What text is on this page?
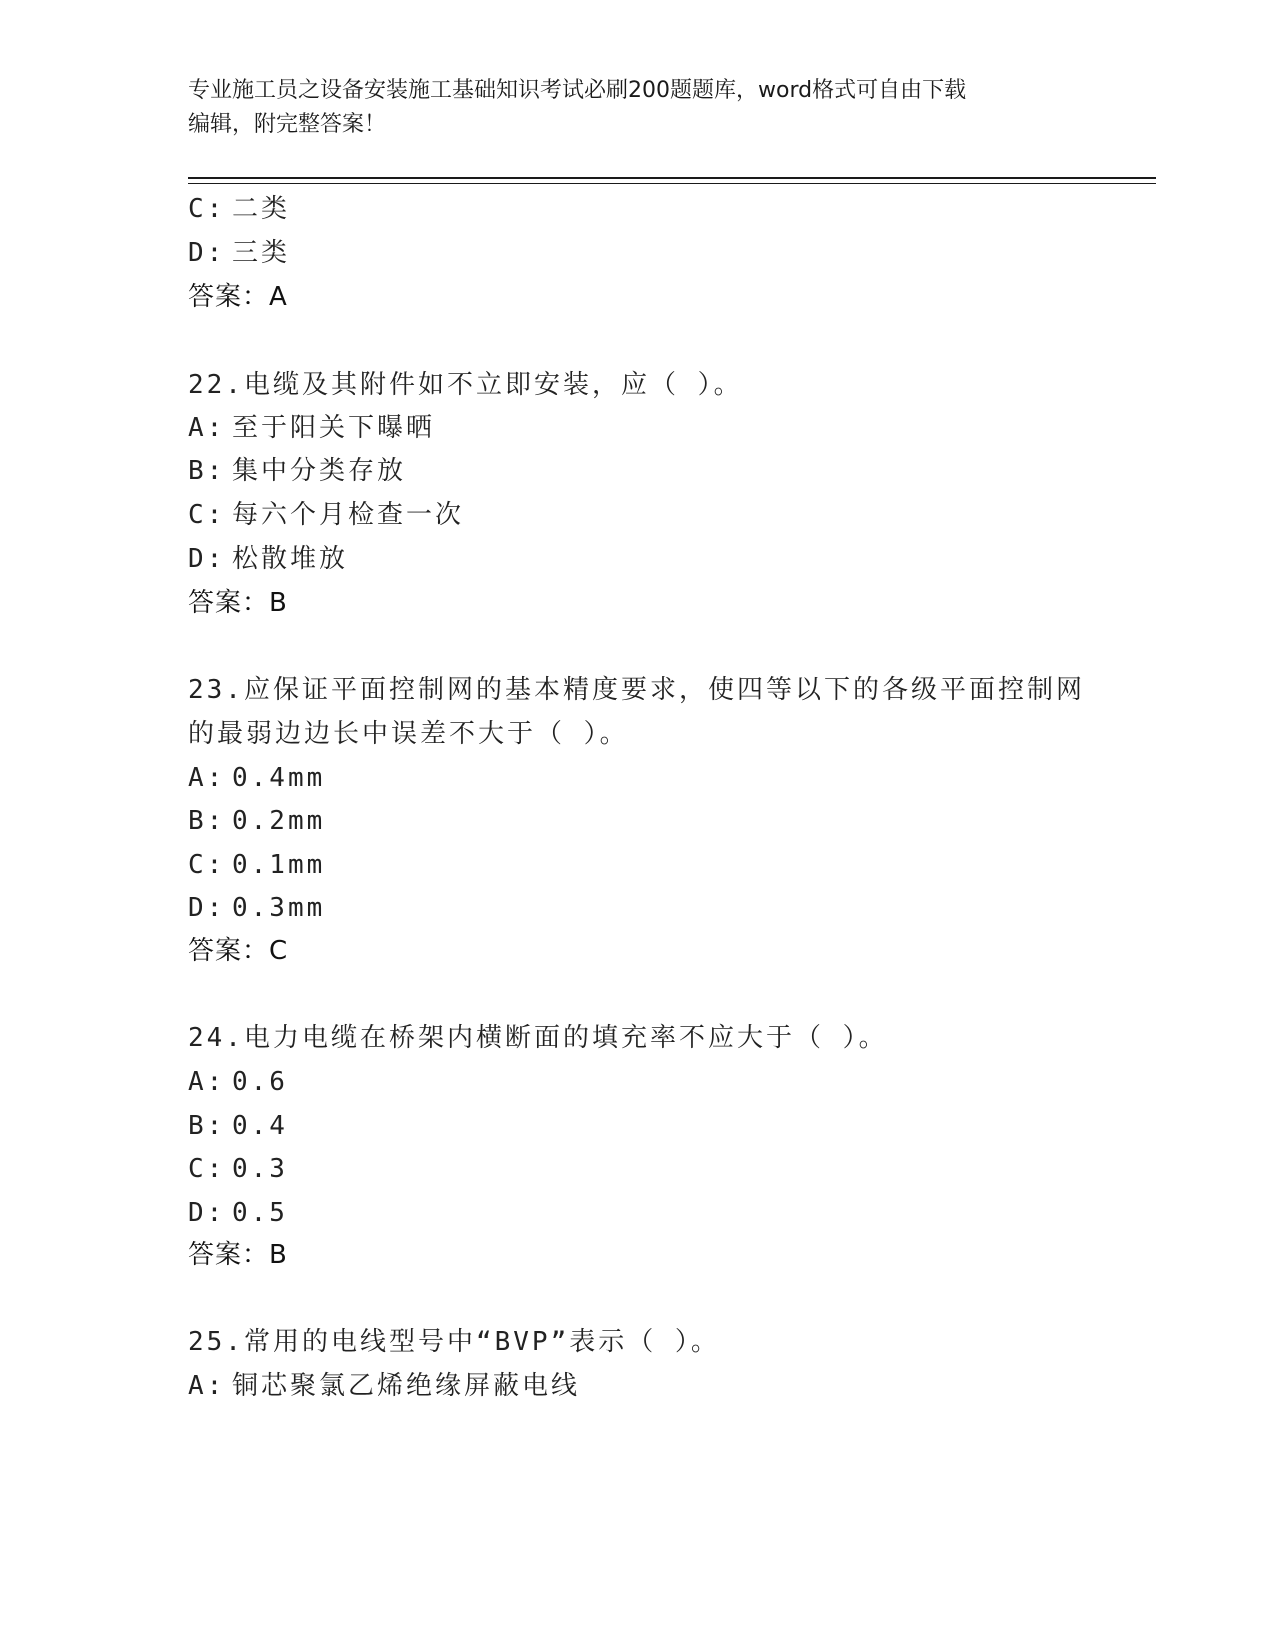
专业施工员之设备安装施工基础知识考试必刷200题题库，word格式可自由下载
编辑，附完整答案！
C: 二类
D: 三类
答案：A
22.电缆及其附件如不立即安装，应（ ）。
A: 至于阳关下曝晒
B: 集中分类存放
C: 每六个月检查一次
D: 松散堆放
答案：B
23.应保证平面控制网的基本精度要求，使四等以下的各级平面控制网
的最弱边边长中误差不大于（ ）。
A: 0.4mm
B: 0.2mm
C: 0.1mm
D: 0.3mm
答案：C
24.电力电缆在桥架内横断面的填充率不应大于（ ）。
A: 0.6
B: 0.4
C: 0.3
D: 0.5
答案：B
25.常用的电线型号中“BVP”表示（ ）。
A: 铜芯聚氯乙烯绝缘屏蔽电线
